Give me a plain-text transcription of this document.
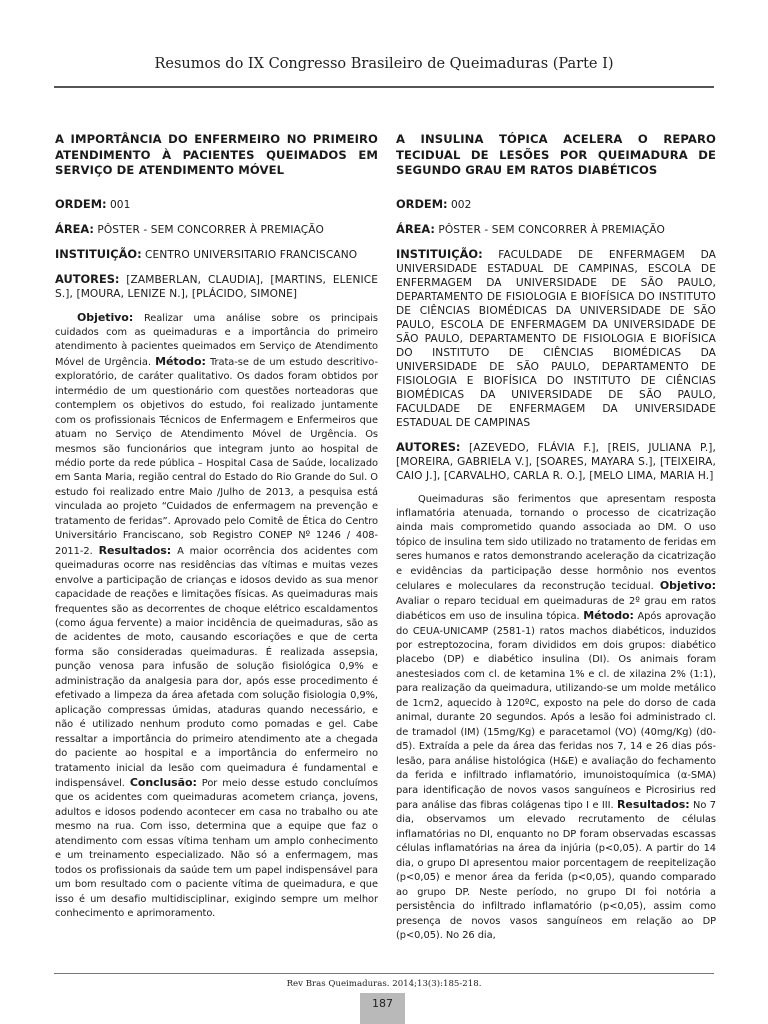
Resumos do IX Congresso Brasileiro de Queimaduras (Parte I)
A IMPORTÂNCIA DO ENFERMEIRO NO PRIMEIRO ATENDIMENTO À PACIENTES QUEIMADOS EM SERVIÇO DE ATENDIMENTO MÓVEL
ORDEM: 001
ÁREA: PÔSTER - SEM CONCORRER À PREMIAÇÃO
INSTITUIÇÃO: CENTRO UNIVERSITARIO FRANCISCANO
AUTORES: [ZAMBERLAN, CLAUDIA], [MARTINS, ELENICE S.], [MOURA, LENIZE N.], [PLÁCIDO, SIMONE]

Objetivo: Realizar uma análise sobre os principais cuidados com as queimaduras e a importância do primeiro atendimento à pacientes queimados em Serviço de Atendimento Móvel de Urgência. Método: Trata-se de um estudo descritivo-exploratório, de caráter qualitativo. Os dados foram obtidos por intermédio de um questionário com questões norteadoras que contemplem os objetivos do estudo, foi realizado juntamente com os profissionais Técnicos de Enfermagem e Enfermeiros que atuam no Serviço de Atendimento Móvel de Urgência. Os mesmos são funcionários que integram junto ao hospital de médio porte da rede pública – Hospital Casa de Saúde, localizado em Santa Maria, região central do Estado do Rio Grande do Sul. O estudo foi realizado entre Maio /Julho de 2013, a pesquisa está vinculada ao projeto “Cuidados de enfermagem na prevenção e tratamento de feridas”. Aprovado pelo Comitê de Ética do Centro Universitário Franciscano, sob Registro CONEP Nº 1246 / 408- 2011-2. Resultados: A maior ocorrência dos acidentes com queimaduras ocorre nas residências das vítimas e muitas vezes envolve a participação de crianças e idosos devido as sua menor capacidade de reações e limitações físicas. As queimaduras mais frequentes são as decorrentes de choque elétrico escaldamentos (como água fervente) a maior incidência de queimaduras, são as de acidentes de moto, causando escoriações e que de certa forma são consideradas queimaduras. É realizada assepsia, punção venosa para infusão de solução fisiológica 0,9% e administração da analgesia para dor, após esse procedimento é efetivado a limpeza da área afetada com solução fisiologia 0,9%, aplicação compressas úmidas, ataduras quando necessário, e não é utilizado nenhum produto como pomadas e gel. Cabe ressaltar a importância do primeiro atendimento ate a chegada do paciente ao hospital e a importância do enfermeiro no tratamento inicial da lesão com queimadura é fundamental e indispensável. Conclusão: Por meio desse estudo concluímos que os acidentes com queimaduras acometem criança, jovens, adultos e idosos podendo acontecer em casa no trabalho ou ate mesmo na rua. Com isso, determina que a equipe que faz o atendimento com essas vítima tenham um amplo conhecimento e um treinamento especializado. Não só a enfermagem, mas todos os profissionais da saúde tem um papel indispensável para um bom resultado com o paciente vítima de queimadura, e que isso é um desafio multidisciplinar, exigindo sempre um melhor conhecimento e aprimoramento.

A INSULINA TÓPICA ACELERA O REPARO TECIDUAL DE LESÕES POR QUEIMADURA DE SEGUNDO GRAU EM RATOS DIABÉTICOS
ORDEM: 002
ÁREA: PÔSTER - SEM CONCORRER À PREMIAÇÃO
INSTITUIÇÃO: FACULDADE DE ENFERMAGEM DA UNIVERSIDADE ESTADUAL DE CAMPINAS, ESCOLA DE ENFERMAGEM DA UNIVERSIDADE DE SÃO PAULO, DEPARTAMENTO DE FISIOLOGIA E BIOFÍSICA DO INSTITUTO DE CIÊNCIAS BIOMÉDICAS DA UNIVERSIDADE DE SÃO PAULO, ESCOLA DE ENFERMAGEM DA UNIVERSIDADE DE SÃO PAULO, DEPARTAMENTO DE FISIOLOGIA E BIOFÍSICA DO INSTITUTO DE CIÊNCIAS BIOMÉDICAS DA UNIVERSIDADE DE SÃO PAULO, DEPARTAMENTO DE FISIOLOGIA E BIOFÍSICA DO INSTITUTO DE CIÊNCIAS BIOMÉDICAS DA UNIVERSIDADE DE SÃO PAULO, FACULDADE DE ENFERMAGEM DA UNIVERSIDADE ESTADUAL DE CAMPINAS
AUTORES: [AZEVEDO, FLÁVIA F.], [REIS, JULIANA P.], [MOREIRA, GABRIELA V.], [SOARES, MAYARA S.], [TEIXEIRA, CAIO J.], [CARVALHO, CARLA R. O.], [MELO LIMA, MARIA H.]

Queimaduras são ferimentos que apresentam resposta inflamatória atenuada, tornando o processo de cicatrização ainda mais comprometido quando associada ao DM. O uso tópico de insulina tem sido utilizado no tratamento de feridas em seres humanos e ratos demonstrando aceleração da cicatrização e evidências da participação desse hormônio nos eventos celulares e moleculares da reconstrução tecidual. Objetivo: Avaliar o reparo tecidual em queimaduras de 2º grau em ratos diabéticos em uso de insulina tópica. Método: Após aprovação do CEUA-UNICAMP (2581-1) ratos machos diabéticos, induzidos por estreptozocina, foram divididos em dois grupos: diabético placebo (DP) e diabético insulina (DI). Os animais foram anestesiados com cl. de ketamina 1% e cl. de xilazina 2% (1:1), para realização da queimadura, utilizando-se um molde metálico de 1cm2, aquecido à 120ºC, exposto na pele do dorso de cada animal, durante 20 segundos. Após a lesão foi administrado cl. de tramadol (IM) (15mg/Kg) e paracetamol (VO) (40mg/Kg) (d0-d5). Extraída a pele da área das feridas nos 7, 14 e 26 dias pós-lesão, para análise histológica (H&E) e avaliação do fechamento da ferida e infiltrado inflamatório, imunoistoquímica (α-SMA) para identificação de novos vasos sanguíneos e Picrosirius red para análise das fibras colágenas tipo I e III. Resultados: No 7 dia, observamos um elevado recrutamento de células inflamatórias no DI, enquanto no DP foram observadas escassas células inflamatórias na área da injúria (p<0,05). A partir do 14 dia, o grupo DI apresentou maior porcentagem de reepitelização (p<0,05) e menor área da ferida (p<0,05), quando comparado ao grupo DP. Neste período, no grupo DI foi notória a persistência do infiltrado inflamatório (p<0,05), assim como presença de novos vasos sanguíneos em relação ao DP (p<0,05). No 26 dia,

Rev Bras Queimaduras. 2014;13(3):185-218.
187
